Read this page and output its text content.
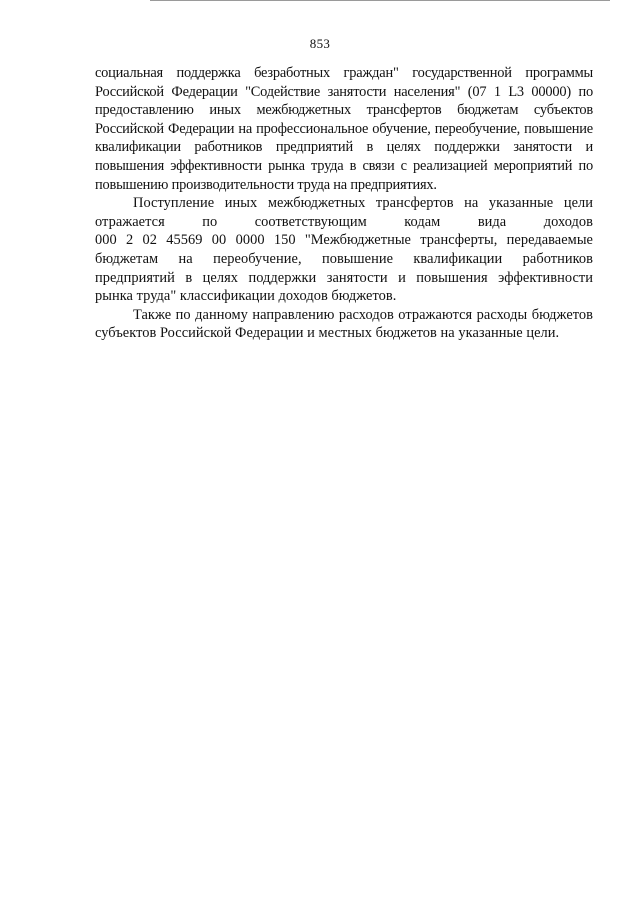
853

социальная поддержка безработных граждан" государственной программы Российской Федерации "Содействие занятости населения" (07 1 L3 00000) по предоставлению иных межбюджетных трансфертов бюджетам субъектов Российской Федерации на профессиональное обучение, переобучение, повышение квалификации работников предприятий в целях поддержки занятости и повышения эффективности рынка труда в связи с реализацией мероприятий по повышению производительности труда на предприятиях.

Поступление иных межбюджетных трансфертов на указанные цели
отражается по соответствующим кодам вида доходов
000 2 02 45569 00 0000 150 "Межбюджетные трансферты, передаваемые
бюджетам на переобучение, повышение квалификации работников
предприятий в целях поддержки занятости и повышения эффективности
рынка труда" классификации доходов бюджетов.

Также по данному направлению расходов отражаются расходы бюджетов субъектов Российской Федерации и местных бюджетов на указанные цели.
